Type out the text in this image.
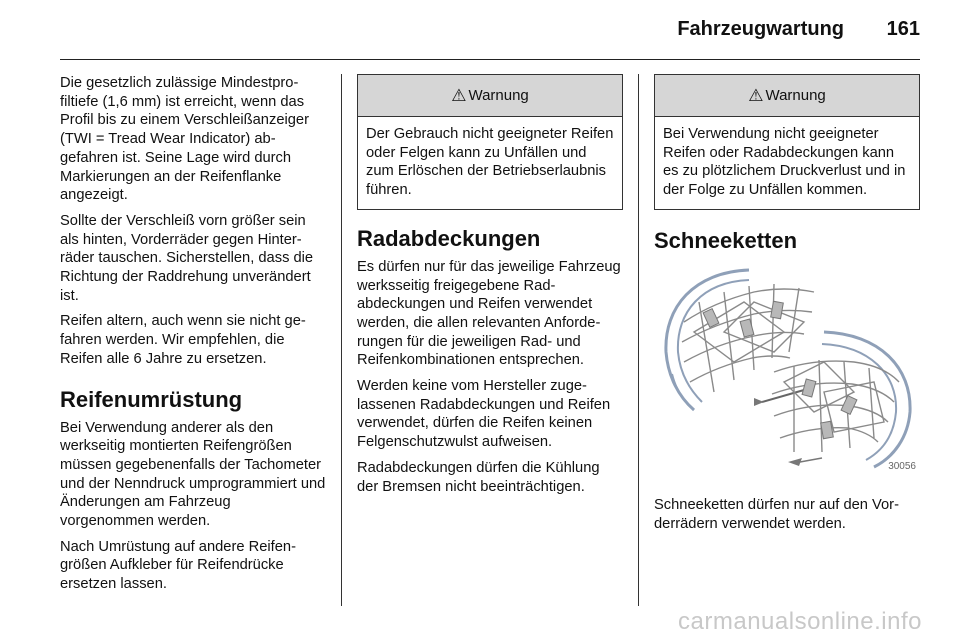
Fahrzeugwartung 161

Die gesetzlich zulässige Mindestprofiltiefe (1,6 mm) ist erreicht, wenn das Profil bis zu einem Verschleißanzeiger (TWI = Tread Wear Indicator) abgefahren ist. Seine Lage wird durch Markierungen an der Reifenflanke angezeigt.

Sollte der Verschleiß vorn größer sein als hinten, Vorderräder gegen Hinterräder tauschen. Sicherstellen, dass die Richtung der Raddrehung unverändert ist.

Reifen altern, auch wenn sie nicht gefahren werden. Wir empfehlen, die Reifen alle 6 Jahre zu ersetzen.

Reifenumrüstung

Bei Verwendung anderer als den werkseitig montierten Reifengrößen müssen gegebenenfalls der Tachometer und der Nenndruck umprogrammiert und Änderungen am Fahrzeug vorgenommen werden.

Nach Umrüstung auf andere Reifengrößen Aufkleber für Reifendrücke ersetzen lassen.

⚠ Warnung
Der Gebrauch nicht geeigneter Reifen oder Felgen kann zu Unfällen und zum Erlöschen der Betriebserlaubnis führen.
Radabdeckungen

Es dürfen nur für das jeweilige Fahrzeug werksseitig freigegebene Radabdeckungen und Reifen verwendet werden, die allen relevanten Anforderungen für die jeweiligen Rad- und Reifenkombinationen entsprechen.

Werden keine vom Hersteller zugelassenen Radabdeckungen und Reifen verwendet, dürfen die Reifen keinen Felgenschutzwulst aufweisen.

Radabdeckungen dürfen die Kühlung der Bremsen nicht beeinträchtigen.

⚠ Warnung
Bei Verwendung nicht geeigneter Reifen oder Radabdeckungen kann es zu plötzlichem Druckverlust und in der Folge zu Unfällen kommen.
Schneeketten
30056

Schneeketten dürfen nur auf den Vorderrädern verwendet werden.

carmanualsonline.info
